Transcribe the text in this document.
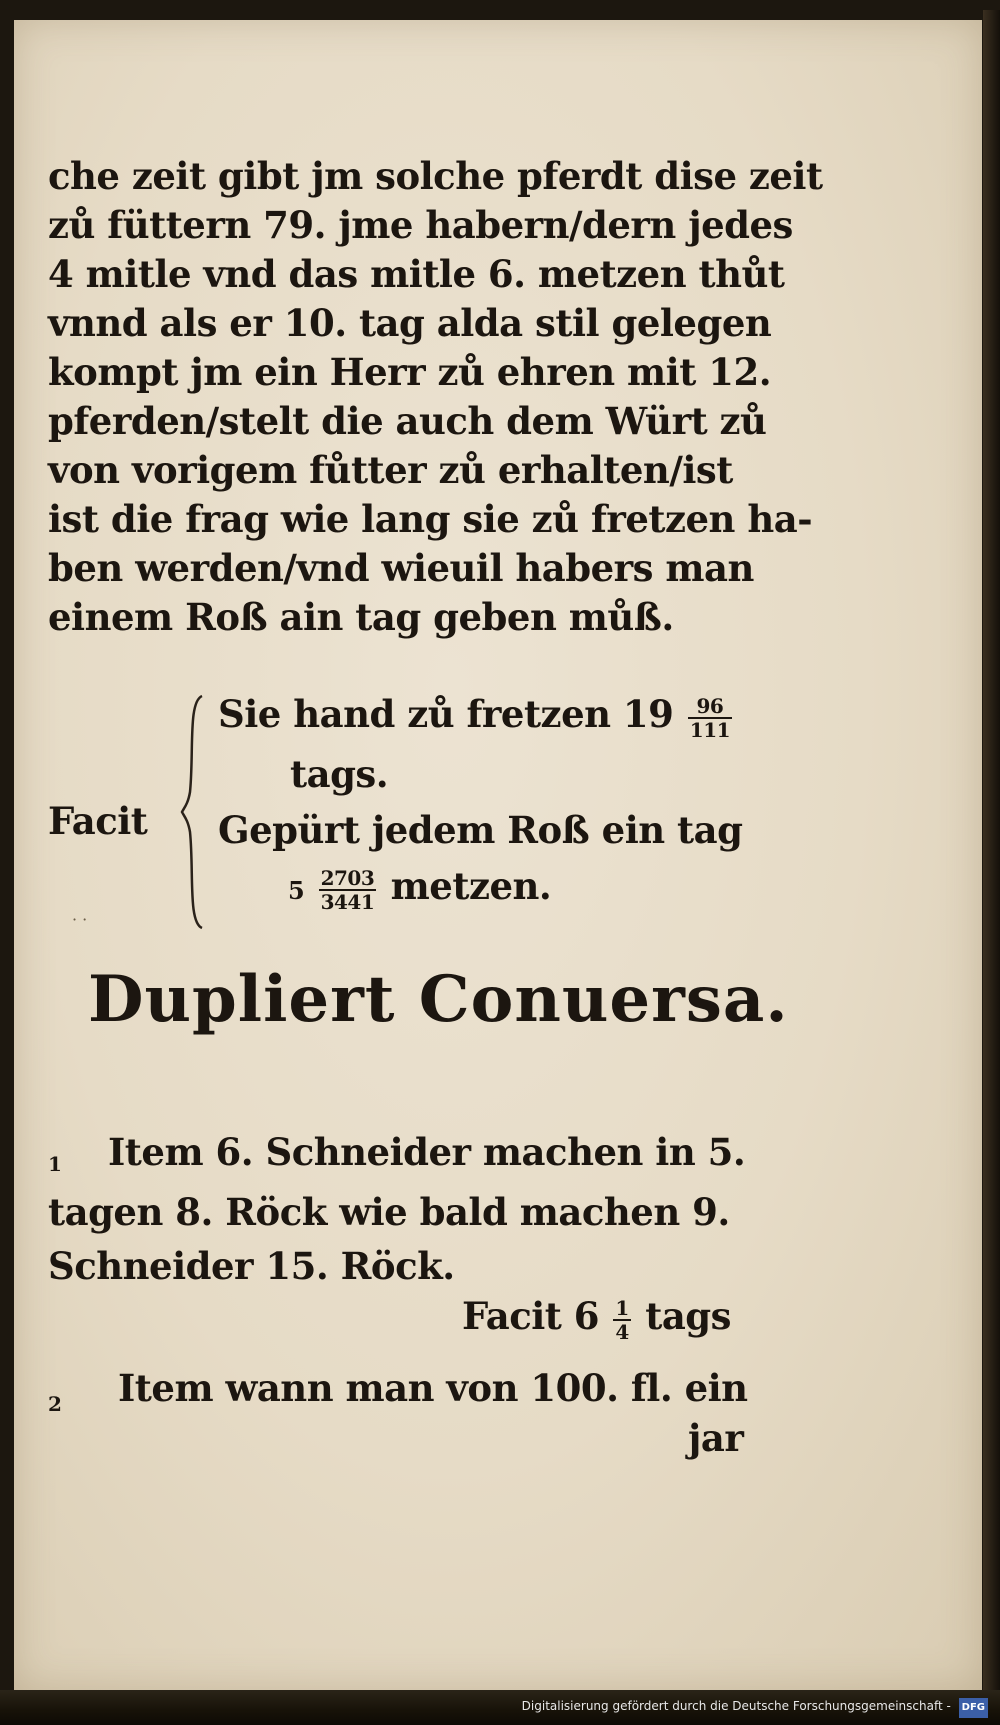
che zeit gibt jm solche pferdt dise zeit
zů füttern 79. jme habern/dern jedes
4 mitle vnd das mitle 6. metzen thůt
vnnd als er 10. tag alda stil gelegen
kompt jm ein Herr zů ehren mit 12.
pferden/stelt die auch dem Würt zů
von vorigem fůtter zů erhalten/ist
ist die frag wie lang sie zů fretzen ha-
ben werden/vnd wieuil habers man
einem Roß ain tag geben můß.
Sie hand zů fretzen $19 \frac{96}{111}$
tags.
Facit Gepürt jedem Roß ein tag
$5 \frac{2703}{3441}$ metzen.
· ·
Dupliert Conuersa.
1 Item 6. Schneider machen in 5.
tagen 8. Röck wie bald machen 9.
Schneider 15. Röck.
Facit $6 \frac{1}{4}$ tags
2 Item wann man von 100. fl. ein
jar
Digitalisierung gefördert durch die Deutsche Forschungsgemeinschaft - DFG
